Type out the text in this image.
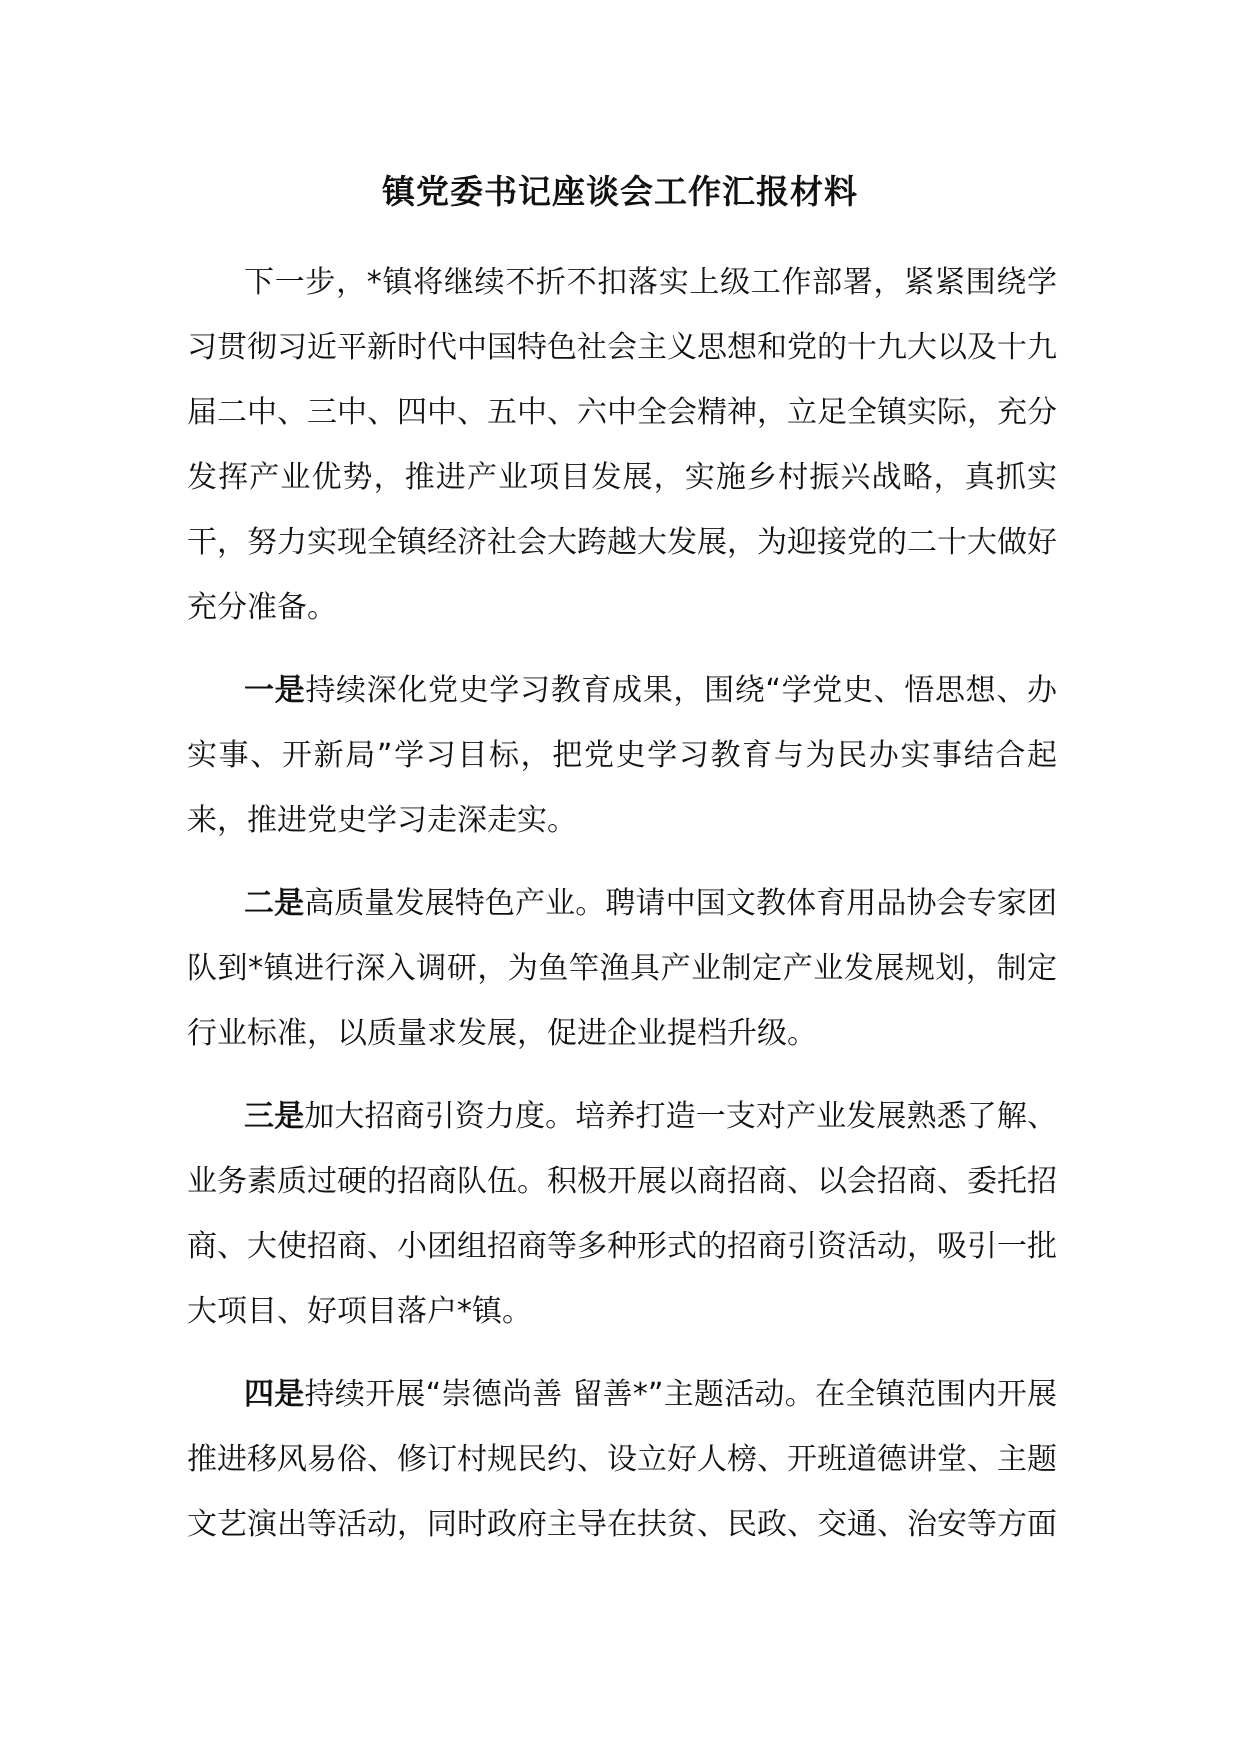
镇党委书记座谈会工作汇报材料

下一步，*镇将继续不折不扣落实上级工作部署，紧紧围绕学习贯彻习近平新时代中国特色社会主义思想和党的十九大以及十九届二中、三中、四中、五中、六中全会精神，立足全镇实际，充分发挥产业优势，推进产业项目发展，实施乡村振兴战略，真抓实干，努力实现全镇经济社会大跨越大发展，为迎接党的二十大做好充分准备。

一是持续深化党史学习教育成果，围绕“学党史、悟思想、办实事、开新局”学习目标，把党史学习教育与为民办实事结合起来，推进党史学习走深走实。

二是高质量发展特色产业。聘请中国文教体育用品协会专家团队到*镇进行深入调研，为鱼竿渔具产业制定产业发展规划，制定行业标准，以质量求发展，促进企业提档升级。

三是加大招商引资力度。培养打造一支对产业发展熟悉了解、业务素质过硬的招商队伍。积极开展以商招商、以会招商、委托招商、大使招商、小团组招商等多种形式的招商引资活动，吸引一批大项目、好项目落户*镇。

四是持续开展“崇德尚善 留善*”主题活动。在全镇范围内开展推进移风易俗、修订村规民约、设立好人榜、开班道德讲堂、主题文艺演出等活动，同时政府主导在扶贫、民政、交通、治安等方面
